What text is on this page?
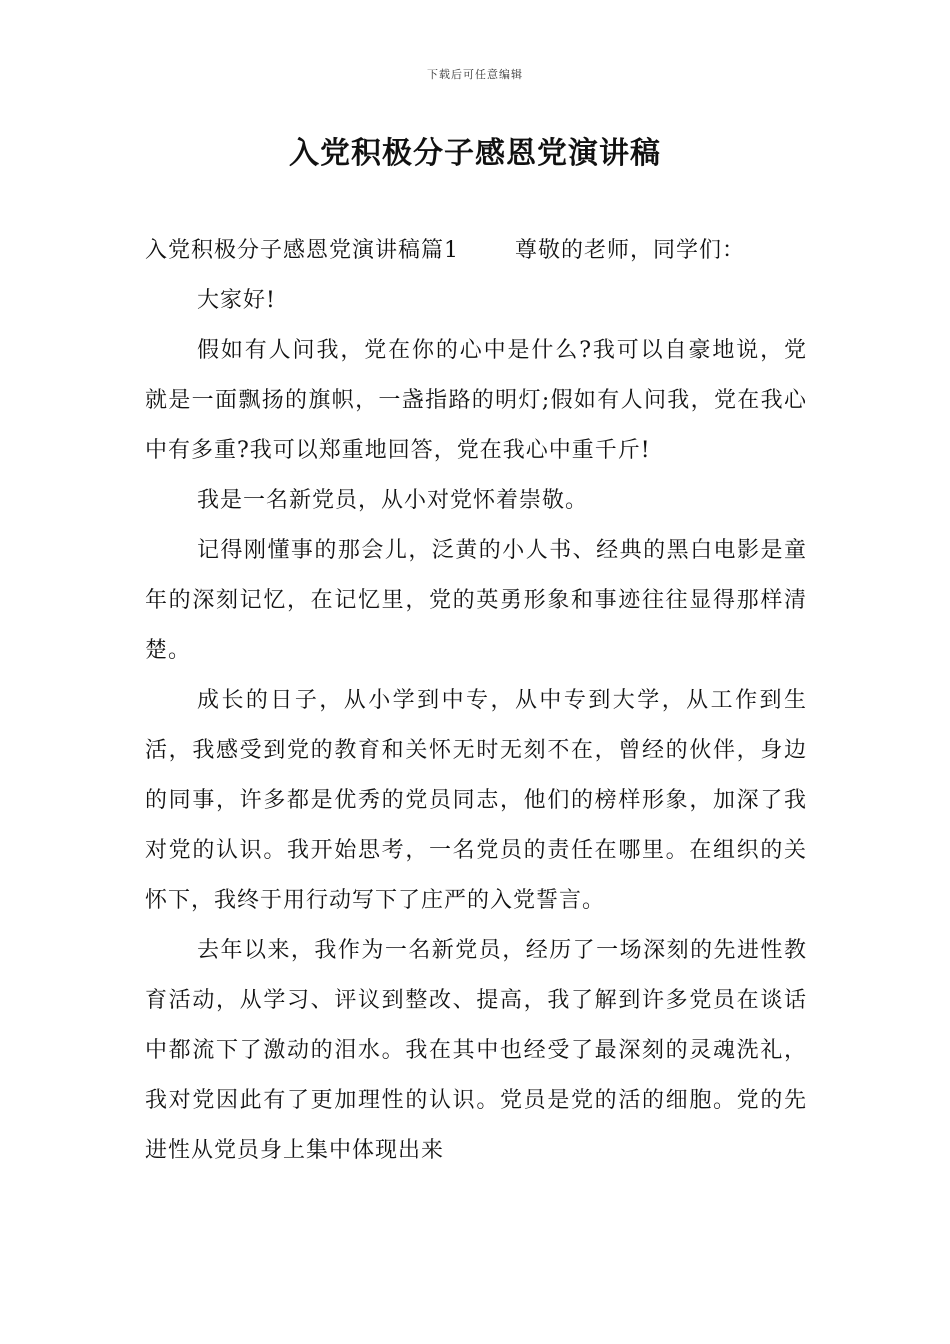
下载后可任意编辑
入党积极分子感恩党演讲稿

入党积极分子感恩党演讲稿篇1	尊敬的老师，同学们：

大家好!

假如有人问我，党在你的心中是什么?我可以自豪地说，党就是一面飘扬的旗帜，一盏指路的明灯;假如有人问我，党在我心中有多重?我可以郑重地回答，党在我心中重千斤!

我是一名新党员，从小对党怀着崇敬。

记得刚懂事的那会儿，泛黄的小人书、经典的黑白电影是童年的深刻记忆，在记忆里，党的英勇形象和事迹往往显得那样清楚。

成长的日子，从小学到中专，从中专到大学，从工作到生活，我感受到党的教育和关怀无时无刻不在，曾经的伙伴，身边的同事，许多都是优秀的党员同志，他们的榜样形象，加深了我对党的认识。我开始思考，一名党员的责任在哪里。在组织的关怀下，我终于用行动写下了庄严的入党誓言。

去年以来，我作为一名新党员，经历了一场深刻的先进性教育活动，从学习、评议到整改、提高，我了解到许多党员在谈话中都流下了激动的泪水。我在其中也经受了最深刻的灵魂洗礼，我对党因此有了更加理性的认识。党员是党的活的细胞。党的先进性从党员身上集中体现出来
